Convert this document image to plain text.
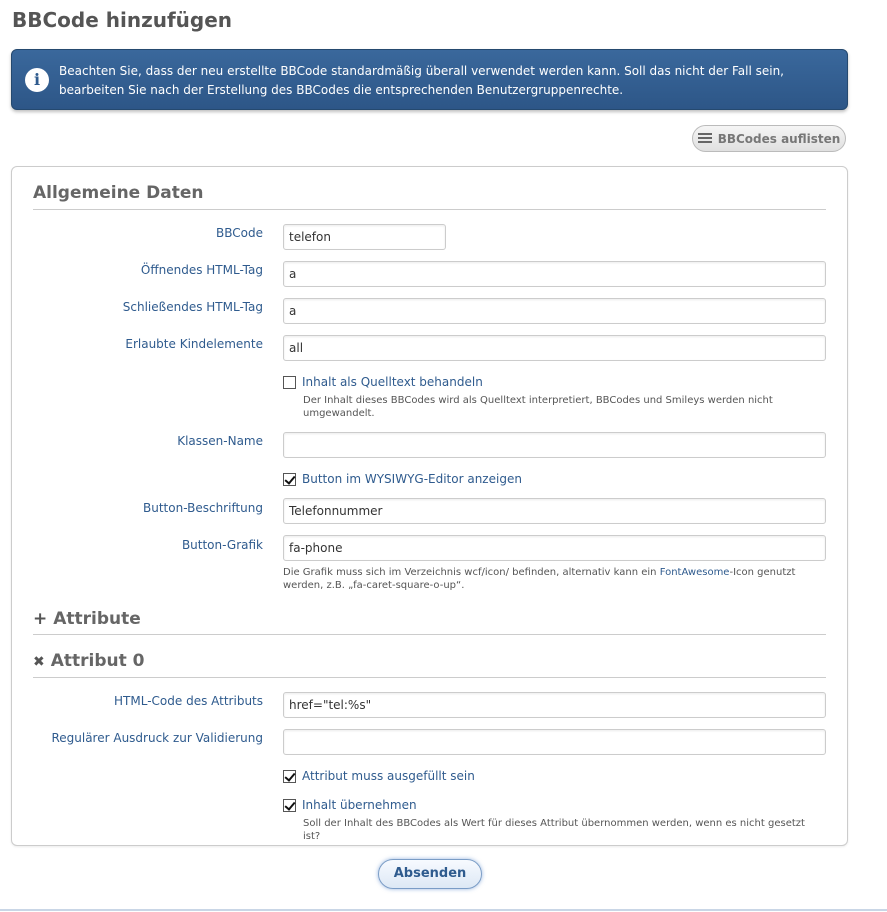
BBCode hinzufügen
i	Beachten Sie, dass der neu erstellte BBCode standardmäßig überall verwendet werden kann. Soll das nicht der Fall sein, bearbeiten Sie nach der Erstellung des BBCodes die entsprechenden Benutzergruppenrechte.
BBCodes auflisten
Allgemeine Daten
BBCode	telefon
Öffnendes HTML-Tag	a
Schließendes HTML-Tag	a
Erlaubte Kindelemente	all
Inhalt als Quelltext behandeln
Der Inhalt dieses BBCodes wird als Quelltext interpretiert, BBCodes und Smileys werden nicht umgewandelt.
Klassen-Name
Button im WYSIWYG-Editor anzeigen
Button-Beschriftung	Telefonnummer
Button-Grafik	fa-phone
Die Grafik muss sich im Verzeichnis wcf/icon/ befinden, alternativ kann ein FontAwesome-Icon genutzt werden, z.B. „fa-caret-square-o-up“.
+ Attribute
✖ Attribut 0
HTML-Code des Attributs	href="tel:%s"
Regulärer Ausdruck zur Validierung
Attribut muss ausgefüllt sein
Inhalt übernehmen
Soll der Inhalt des BBCodes als Wert für dieses Attribut übernommen werden, wenn es nicht gesetzt ist?
Absenden
